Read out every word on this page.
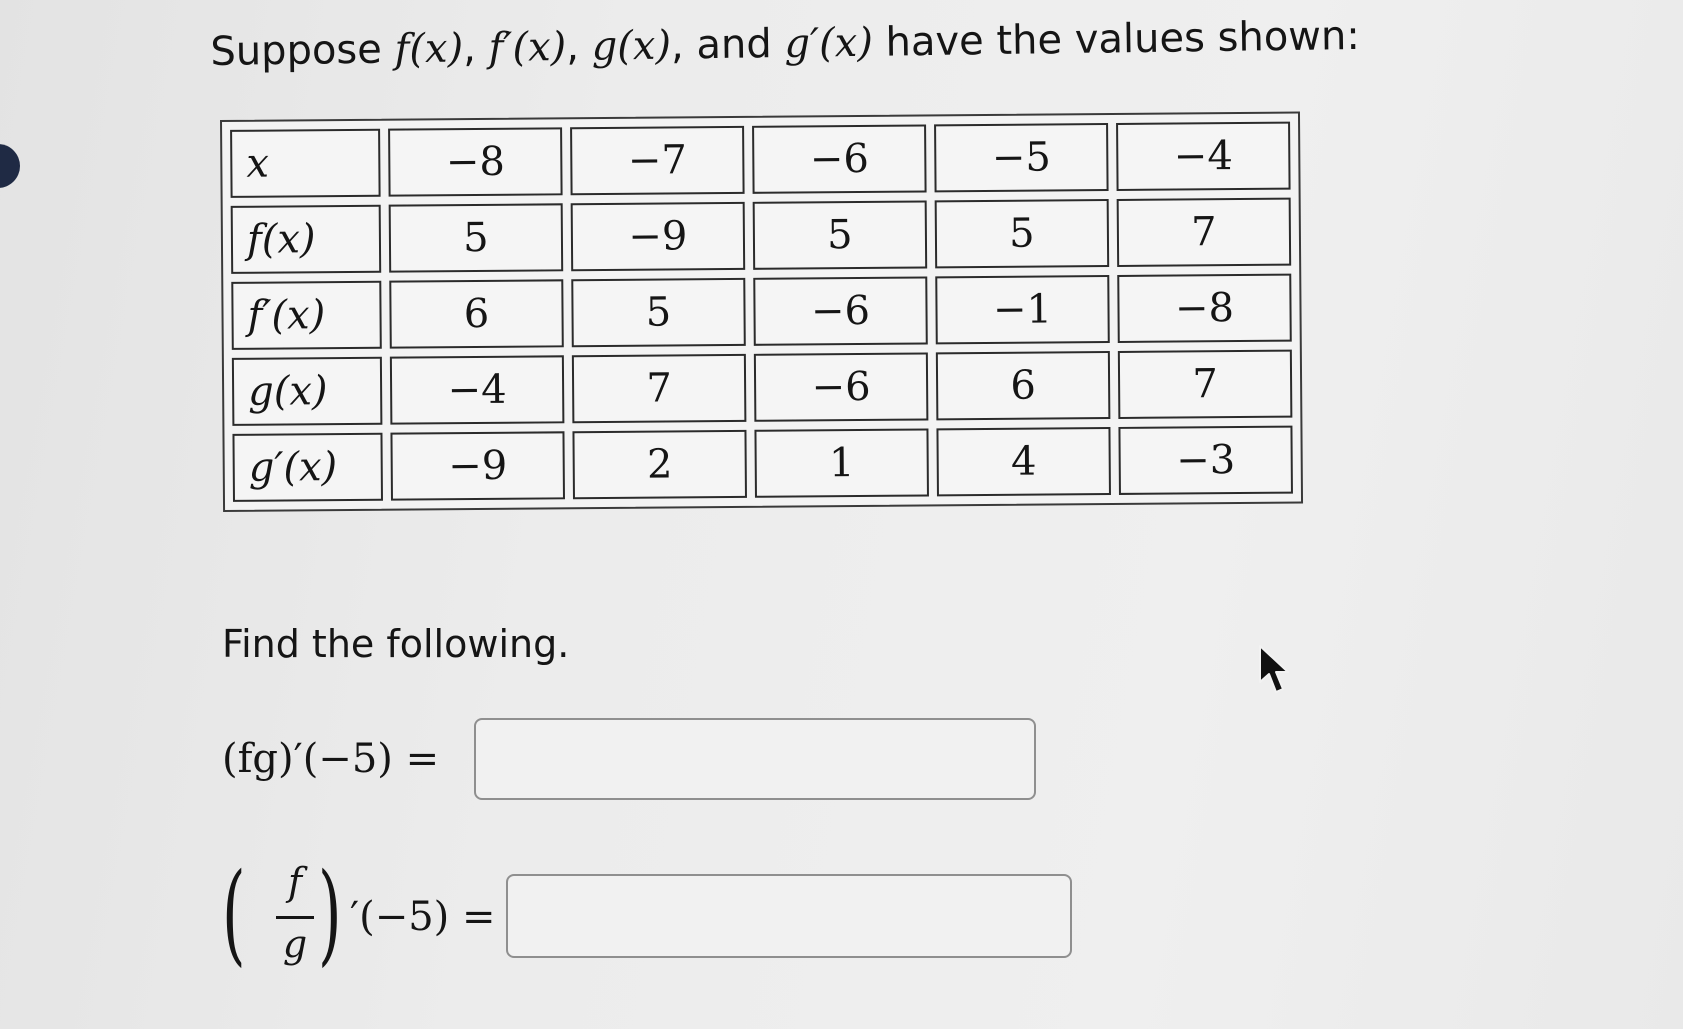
Suppose f(x), f′(x), g(x), and g′(x) have the values shown:
x	−8	−7	−6	−5	−4
f(x)	5	−9	5	5	7
f′(x)	6	5	−6	−1	−8
g(x)	−4	7	−6	6	7
g′(x)	−9	2	1	4	−3
Find the following.
(fg)′(−5) =
(	f
g ) ′(−5) =
